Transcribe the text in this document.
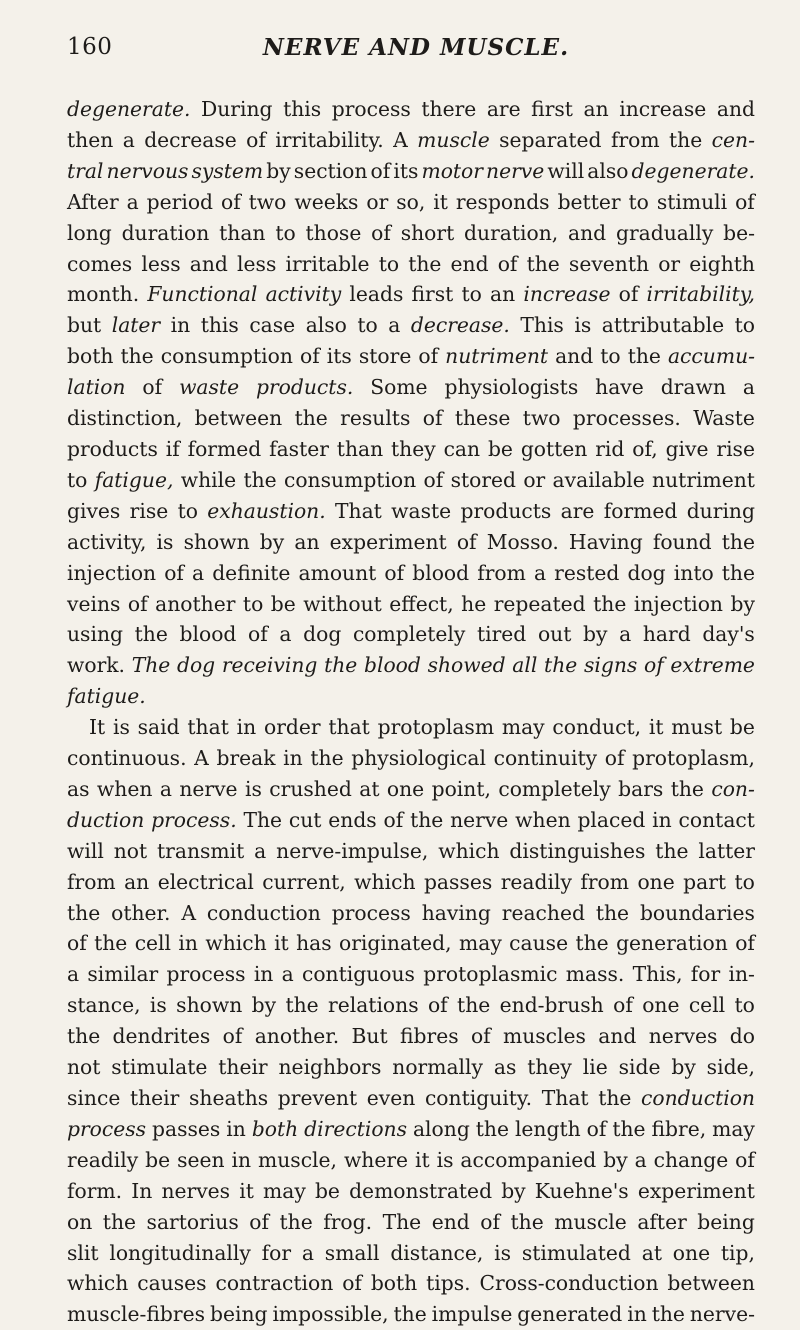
160	NERVE AND MUSCLE.
degenerate. During this process there are first an increase and
then a decrease of irritability. A muscle separated from the cen-
tral nervous system by section of its motor nerve will also degenerate.
After a period of two weeks or so, it responds better to stimuli of
long duration than to those of short duration, and gradually be-
comes less and less irritable to the end of the seventh or eighth
month. Functional activity leads first to an increase of irritability,
but later in this case also to a decrease. This is attributable to
both the consumption of its store of nutriment and to the accumu-
lation of waste products. Some physiologists have drawn a
distinction, between the results of these two processes. Waste
products if formed faster than they can be gotten rid of, give rise
to fatigue, while the consumption of stored or available nutriment
gives rise to exhaustion. That waste products are formed during
activity, is shown by an experiment of Mosso. Having found the
injection of a definite amount of blood from a rested dog into the
veins of another to be without effect, he repeated the injection by
using the blood of a dog completely tired out by a hard day's
work. The dog receiving the blood showed all the signs of extreme
fatigue.
It is said that in order that protoplasm may conduct, it must be
continuous. A break in the physiological continuity of protoplasm,
as when a nerve is crushed at one point, completely bars the con-
duction process. The cut ends of the nerve when placed in contact
will not transmit a nerve-impulse, which distinguishes the latter
from an electrical current, which passes readily from one part to
the other. A conduction process having reached the boundaries
of the cell in which it has originated, may cause the generation of
a similar process in a contiguous protoplasmic mass. This, for in-
stance, is shown by the relations of the end-brush of one cell to
the dendrites of another. But fibres of muscles and nerves do
not stimulate their neighbors normally as they lie side by side,
since their sheaths prevent even contiguity. That the conduction
process passes in both directions along the length of the fibre, may
readily be seen in muscle, where it is accompanied by a change of
form. In nerves it may be demonstrated by Kuehne's experiment
on the sartorius of the frog. The end of the muscle after being
slit longitudinally for a small distance, is stimulated at one tip,
which causes contraction of both tips. Cross-conduction between
muscle-fibres being impossible, the impulse generated in the nerve-
